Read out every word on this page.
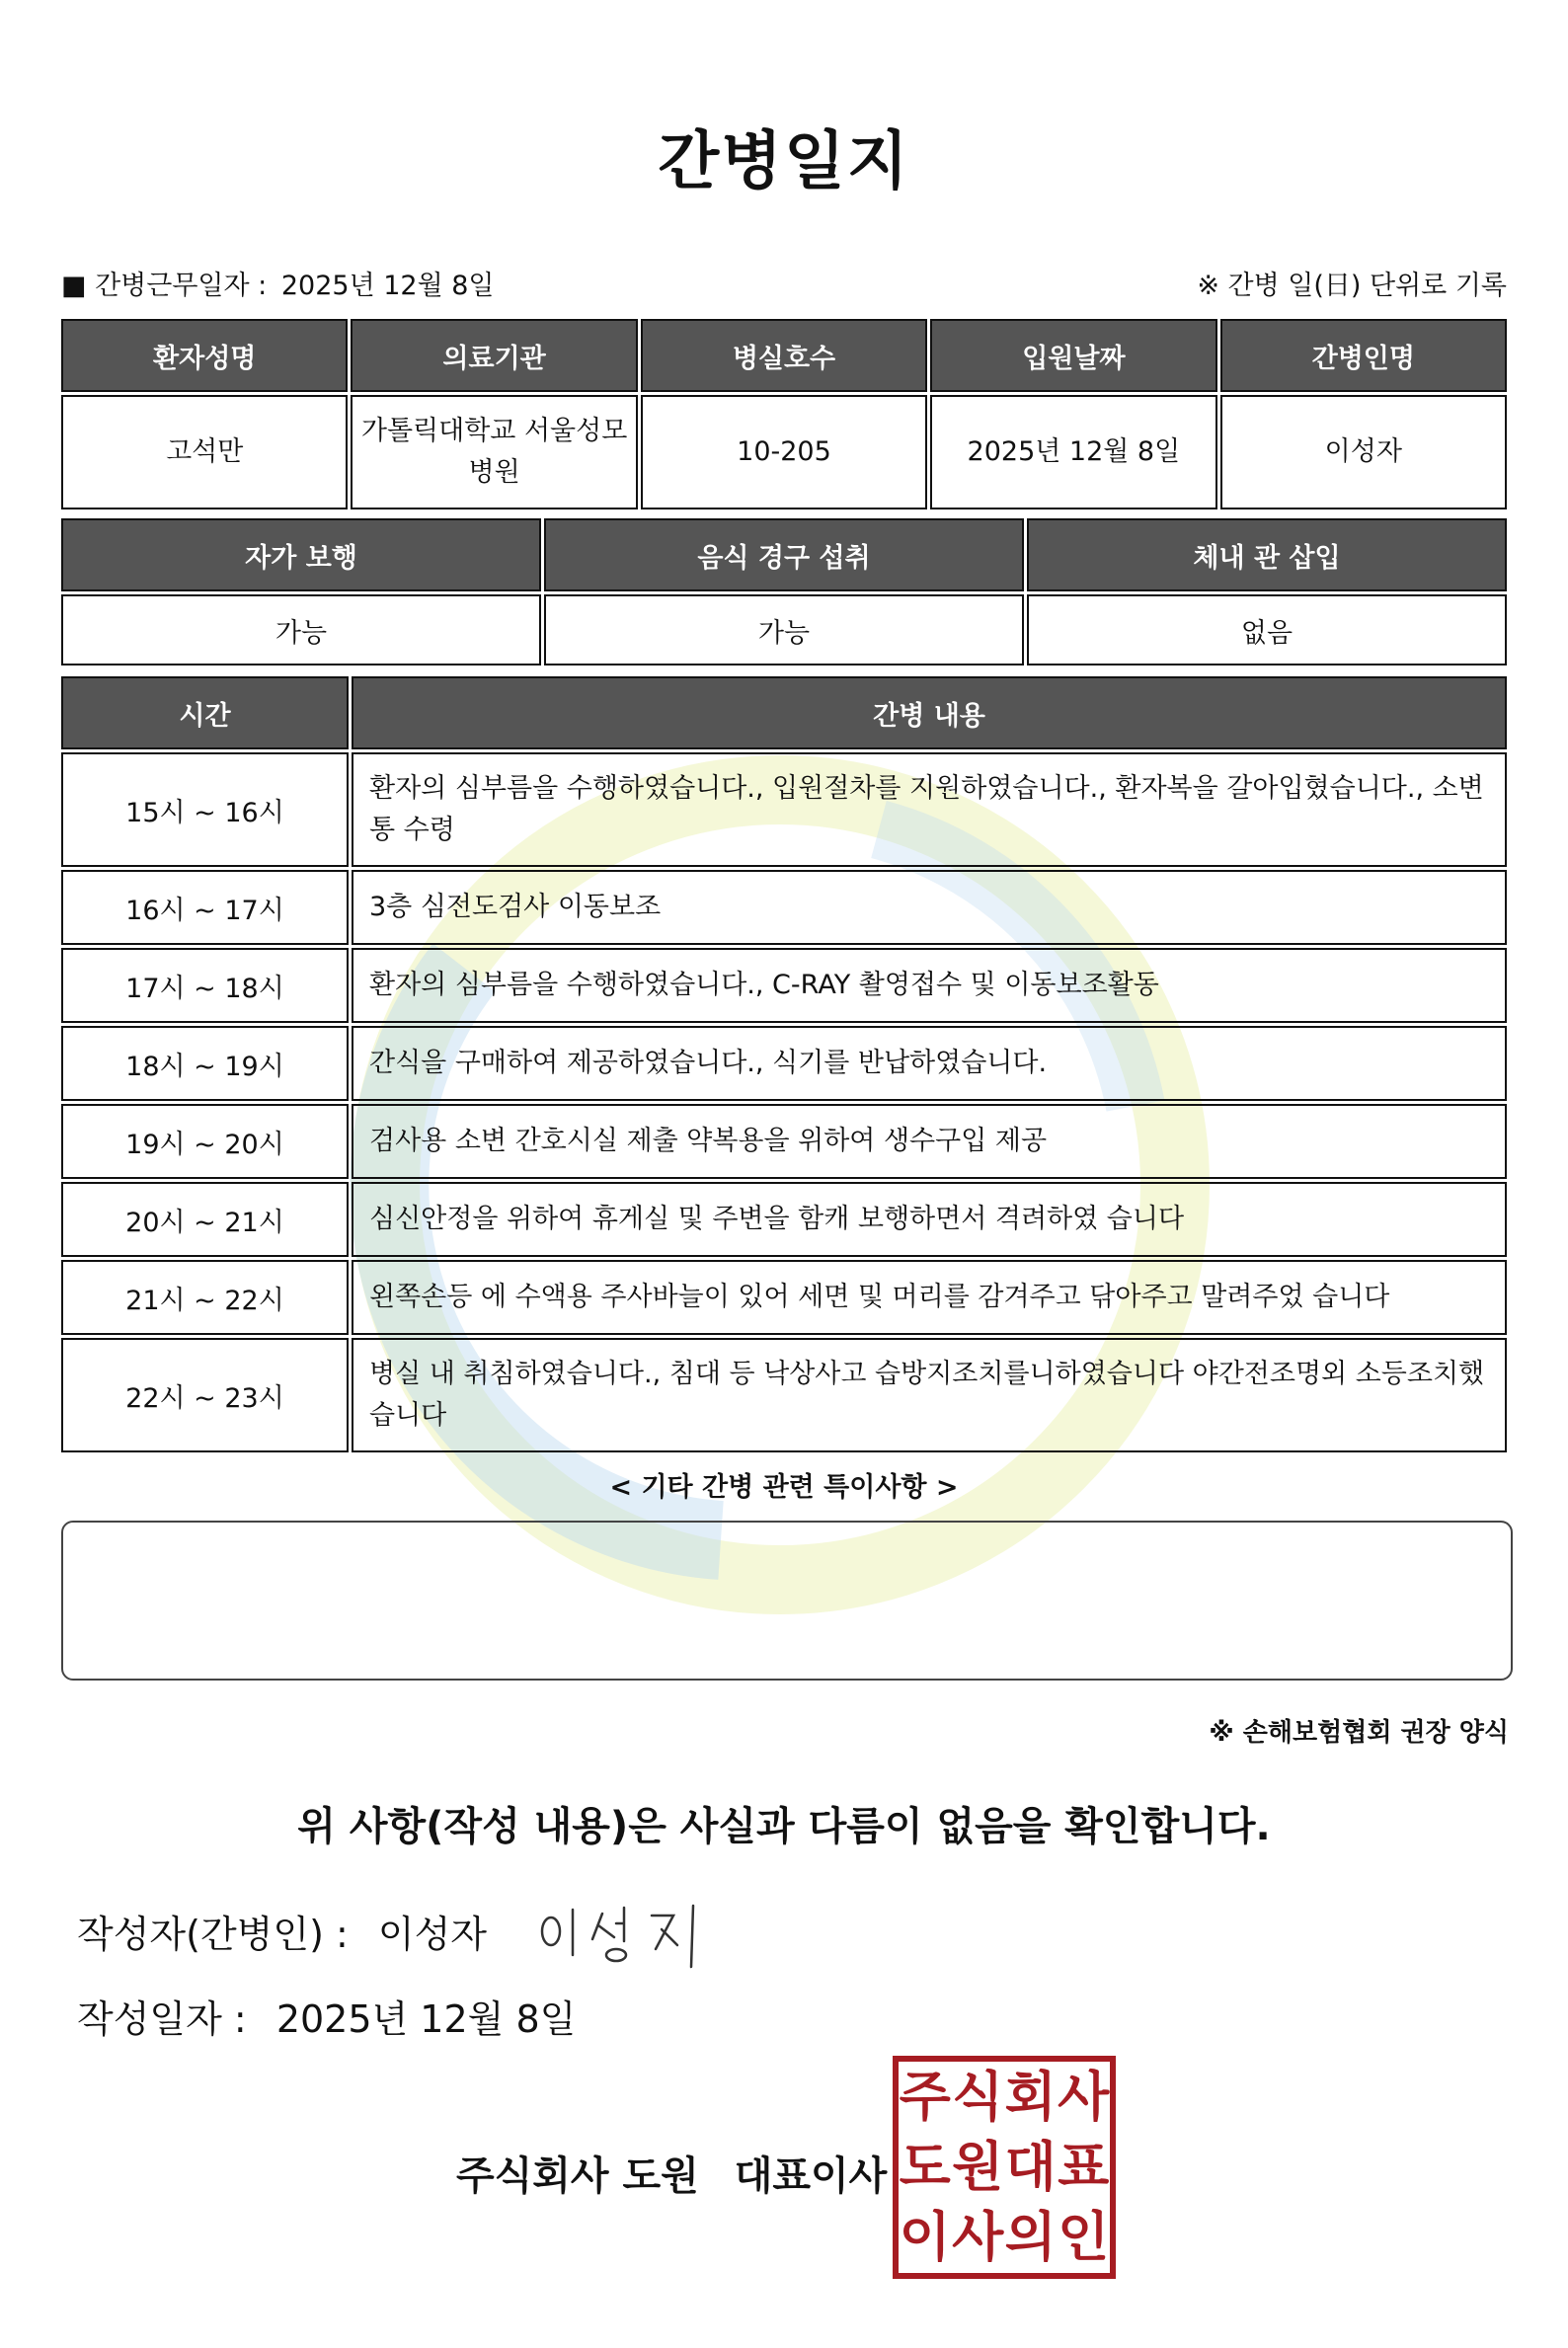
간병일지
■ 간병근무일자 : 2025년 12월 8일	※ 간병 일(日) 단위로 기록
환자성명	의료기관	병실호수	입원날짜	간병인명
고석만	가톨릭대학교 서울성모병원	10-205	2025년 12월 8일	이성자
자가 보행	음식 경구 섭취	체내 관 삽입
가능	가능	없음
시간	간병 내용
15시 ~ 16시	환자의 심부름을 수행하였습니다., 입원절차를 지원하였습니다., 환자복을 갈아입혔습니다., 소변통 수령
16시 ~ 17시	3층 심전도검사 이동보조
17시 ~ 18시	환자의 심부름을 수행하였습니다., C-RAY 촬영접수 및 이동보조활동
18시 ~ 19시	간식을 구매하여 제공하였습니다., 식기를 반납하였습니다.
19시 ~ 20시	검사용 소변 간호시실 제출 약복용을 위하여 생수구입 제공
20시 ~ 21시	심신안정을 위하여 휴게실 및 주변을 함캐 보행하면서 격려하였 습니다
21시 ~ 22시	왼쪽손등 에 수액용 주사바늘이 있어 세면 및 머리를 감겨주고 닦아주고 말려주었 습니다
22시 ~ 23시	병실 내 취침하였습니다., 침대 등 낙상사고 습방지조치를니하였습니다 야간전조명외 소등조치했습니다
< 기타 간병 관련 특이사항 >
※ 손해보험협회 권장 양식
위 사항(작성 내용)은 사실과 다름이 없음을 확인합니다.
작성자(간병인) : 이성자
작성일자 : 2025년 12월 8일
주식회사 도원 대표이사
주 식 회 사
도 원 대 표
이 사 의 인
